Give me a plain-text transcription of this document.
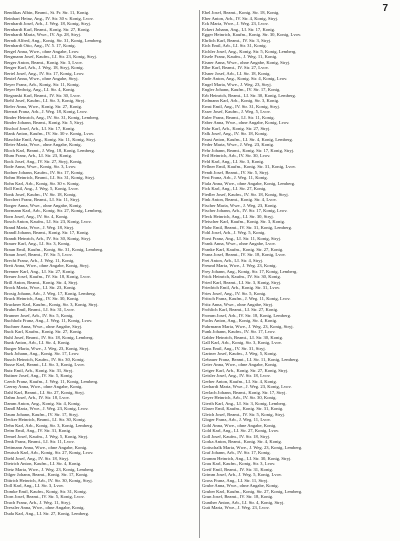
7
Bendikas Albin, Beamt., St. Fr. Str. 11, Konig.
Beinhart Heinz, Ang., IV. Str. 30 v. Konig, Lvov.
Bernhardt Josef, Arb., J. Weg. 18, Konig, Stryj.
Bernhardt Karl, Beamt., Konig. Str. 27, Konig.
Bernhardt Maria, Wwe., IV. Ap. 28, Stryj.
Berndt Alfred, Ang., Konig. Str. 31, Konig, Lemberg.
Bernhardt Otto, Ang., IV. 5. 17, Konig.
Bergel Anna, Wwe., ohne Angabe, Lvov.
Bergmann Josef, Kaufm., LI. Str. 23, Konig, Stryj.
Berger Anton, Beamt., Konig. Str. 3, Lvov.
Berger Karl, Arb., J. Weg. 18, Stryj, Konig.
Bertel Josef, Ang., IV. Str. 17, Konig, Lvov.
Beutel Anna, Wwe., ohne Angabe, Stryj.
Beyer Franz, Arb., Konig. Str. 11, Konig.
Beyer Hedwig, Ang., LI. Str. 4, Konig.
Bieganski Karl, Beamt., IV. Str. 30, Lvov.
Biehl Josef, Kaufm., LI. Str. 3, Konig, Stryj.
Bieler Anna, Wwe., Konig. Str. 27, Konig.
Biernat Franz, Arb., J. Weg. 18, Konig, Lvov.
Binder Heinrich, Ang., IV. Str. 31, Konig, Lemberg.
Binder Johann, Beamt., Konig. Str. 5, Stryj.
Bischof Josef, Arb., LI. Str. 17, Konig.
Blank Anton, Kaufm., IV. Str. 30 v. Konig, Lvov.
Blaschke Emil, Ang., Konig. Str. 11, Konig, Stryj.
Bleier Maria, Wwe., ohne Angabe, Konig.
Bloch Karl, Beamt., J. Weg. 18, Konig, Lemberg.
Blum Franz, Arb., LI. Str. 23, Konig.
Bock Josef, Ang., IV. Str. 27, Stryj, Konig.
Bode Anna, Wwe., Konig. Str. 3, Lvov.
Bodner Johann, Kaufm., IV. Str. 17, Konig.
Bohm Heinrich, Beamt., LI. Str. 31, Konig, Stryj.
Bohn Karl, Arb., Konig. Str. 30 v. Konig.
Boll Emil, Ang., J. Weg. 5, Konig, Lvov.
Bonk Josef, Kaufm., IV. Str. 18, Konig.
Borchert Franz, Beamt., LI. Str. 11, Stryj.
Borger Anna, Wwe., ohne Angabe, Konig.
Bormann Karl, Arb., Konig. Str. 27, Konig, Lemberg.
Born Josef, Ang., IV. Str. 4, Konig.
Bosch Anton, Kaufm., LI. Str. 23, Konig, Lvov.
Brand Maria, Wwe., J. Weg. 18, Stryj.
Brandl Johann, Beamt., Konig. Str. 17, Konig.
Brandt Heinrich, Arb., IV. Str. 30, Konig, Stryj.
Brauer Karl, Ang., LI. Str. 3, Konig.
Braun Emil, Kaufm., Konig. Str. 31, Konig, Lemberg.
Braun Josef, Beamt., IV. Str. 5, Lvov.
Brecht Franz, Arb., J. Weg. 11, Konig.
Breit Anna, Wwe., ohne Angabe, Konig, Stryj.
Brenner Karl, Ang., LI. Str. 27, Konig.
Breuer Josef, Kaufm., IV. Str. 18, Konig, Lvov.
Brill Anton, Beamt., Konig. Str. 4, Stryj.
Brock Maria, Wwe., LI. Str. 23, Konig.
Brosig Johann, Arb., J. Weg. 17, Konig, Lemberg.
Bruck Heinrich, Ang., IV. Str. 30, Konig.
Bruckner Karl, Kaufm., Konig. Str. 3, Konig, Stryj.
Bruhn Emil, Beamt., LI. Str. 31, Lvov.
Brunner Josef, Arb., IV. Str. 5, Konig.
Buchholz Franz, Ang., J. Weg. 11, Konig, Lvov.
Buchner Anna, Wwe., ohne Angabe, Stryj.
Buck Karl, Kaufm., Konig. Str. 27, Konig.
Buhl Josef, Beamt., IV. Str. 18, Konig, Lemberg.
Bunk Anton, Arb., LI. Str. 4, Konig.
Burger Maria, Wwe., J. Weg. 23, Konig, Stryj.
Burk Johann, Ang., Konig. Str. 17, Lvov.
Busch Heinrich, Kaufm., IV. Str. 30, Konig.
Busse Karl, Beamt., LI. Str. 3, Konig, Lvov.
Butz Emil, Arb., Konig. Str. 31, Stryj.
Buttner Josef, Ang., IV. Str. 5, Konig.
Czech Franz, Kaufm., J. Weg. 11, Konig, Lemberg.
Czerny Anna, Wwe., ohne Angabe, Konig.
Dahl Karl, Beamt., LI. Str. 27, Konig, Stryj.
Dahm Josef, Arb., IV. Str. 18, Lvov.
Damm Anton, Ang., Konig. Str. 4, Konig.
Dandl Maria, Wwe., J. Weg. 23, Konig, Lvov.
Daum Johann, Kaufm., IV. Str. 17, Stryj.
Decker Heinrich, Beamt., LI. Str. 30, Konig.
Dehn Karl, Arb., Konig. Str. 3, Konig, Lemberg.
Deim Emil, Ang., IV. Str. 31, Konig.
Demel Josef, Kaufm., J. Weg. 5, Konig, Stryj.
Denk Franz, Beamt., LI. Str. 11, Lvov.
Dettmann Anna, Wwe., ohne Angabe, Konig.
Deutsch Karl, Arb., Konig. Str. 27, Konig, Lvov.
Diehl Josef, Ang., IV. Str. 18, Stryj.
Dietrich Anton, Kaufm., LI. Str. 4, Konig.
Dietz Maria, Wwe., J. Weg. 23, Konig, Lemberg.
Dilger Johann, Beamt., Konig. Str. 17, Konig.
Dittrich Heinrich, Arb., IV. Str. 30, Konig, Stryj.
Doll Karl, Ang., LI. Str. 3, Lvov.
Domke Emil, Kaufm., Konig. Str. 31, Konig.
Dorn Josef, Beamt., IV. Str. 5, Konig, Lvov.
Drach Franz, Arb., J. Weg. 11, Stryj.
Dressler Anna, Wwe., ohne Angabe, Konig.
Duda Karl, Ang., LI. Str. 27, Konig, Lemberg.
Ebel Josef, Beamt., Konig. Str. 18, Konig.
Eber Anton, Arb., IV. Str. 4, Konig, Stryj.
Eck Maria, Wwe., J. Weg. 23, Lvov.
Eckert Johann, Ang., LI. Str. 17, Konig.
Egger Heinrich, Kaufm., Konig. Str. 30, Konig, Lvov.
Ehrlich Karl, Beamt., IV. Str. 3, Stryj.
Eich Emil, Arb., LI. Str. 31, Konig.
Eichler Josef, Ang., Konig. Str. 5, Konig, Lemberg.
Eisele Franz, Kaufm., J. Weg. 11, Konig.
Eisner Anna, Wwe., ohne Angabe, Konig, Stryj.
Elbe Karl, Beamt., IV. Str. 27, Lvov.
Elsner Josef, Arb., LI. Str. 18, Konig.
Ende Anton, Ang., Konig. Str. 4, Konig, Lvov.
Engel Maria, Wwe., J. Weg. 23, Stryj.
Engler Johann, Kaufm., IV. Str. 17, Konig.
Erb Heinrich, Beamt., LI. Str. 30, Konig, Lemberg.
Erdmann Karl, Arb., Konig. Str. 3, Konig.
Ernst Emil, Ang., IV. Str. 31, Konig, Stryj.
Esser Josef, Kaufm., J. Weg. 5, Lvov.
Euler Franz, Beamt., LI. Str. 11, Konig.
Faber Anna, Wwe., ohne Angabe, Konig, Lvov.
Fahr Karl, Arb., Konig. Str. 27, Stryj.
Falk Josef, Ang., IV. Str. 18, Konig.
Faust Anton, Kaufm., LI. Str. 4, Konig, Lemberg.
Feder Maria, Wwe., J. Weg. 23, Konig.
Fehr Johann, Beamt., Konig. Str. 17, Konig, Stryj.
Feil Heinrich, Arb., IV. Str. 30, Lvov.
Feld Karl, Ang., LI. Str. 3, Konig.
Fellner Emil, Kaufm., Konig. Str. 31, Konig, Lvov.
Fendt Josef, Beamt., IV. Str. 5, Stryj.
Fest Franz, Arb., J. Weg. 11, Konig.
Fiala Anna, Wwe., ohne Angabe, Konig, Lemberg.
Fick Karl, Ang., LI. Str. 27, Konig.
Fiedler Josef, Kaufm., IV. Str. 18, Konig, Stryj.
Fink Anton, Beamt., Konig. Str. 4, Lvov.
Fischer Maria, Wwe., J. Weg. 23, Konig.
Fischer Johann, Arb., IV. Str. 17, Konig, Lvov.
Fleck Heinrich, Ang., LI. Str. 30, Stryj.
Fleischer Karl, Kaufm., Konig. Str. 3, Konig.
Flohr Emil, Beamt., IV. Str. 31, Konig, Lemberg.
Fohl Josef, Arb., J. Weg. 5, Konig.
Forst Franz, Ang., LI. Str. 11, Konig, Stryj.
Frank Anna, Wwe., ohne Angabe, Lvov.
Franke Karl, Kaufm., Konig. Str. 27, Konig.
Franz Josef, Beamt., IV. Str. 18, Konig, Lvov.
Frei Anton, Arb., LI. Str. 4, Stryj.
Freund Maria, Wwe., J. Weg. 23, Konig.
Frey Johann, Ang., Konig. Str. 17, Konig, Lemberg.
Frick Heinrich, Kaufm., IV. Str. 30, Konig.
Fried Karl, Beamt., LI. Str. 3, Konig, Stryj.
Friedrich Emil, Arb., Konig. Str. 31, Lvov.
Fries Josef, Ang., IV. Str. 5, Konig.
Fritsch Franz, Kaufm., J. Weg. 11, Konig, Lvov.
Fritz Anna, Wwe., ohne Angabe, Stryj.
Frohlich Karl, Beamt., LI. Str. 27, Konig.
Fromm Josef, Arb., IV. Str. 18, Konig, Lemberg.
Fuchs Anton, Ang., Konig. Str. 4, Konig.
Fuhrmann Maria, Wwe., J. Weg. 23, Konig, Stryj.
Funk Johann, Kaufm., IV. Str. 17, Lvov.
Gabler Heinrich, Beamt., LI. Str. 30, Konig.
Gall Karl, Arb., Konig. Str. 3, Konig, Lvov.
Gans Emil, Ang., IV. Str. 31, Stryj.
Gartner Josef, Kaufm., J. Weg. 5, Konig.
Gebauer Franz, Beamt., LI. Str. 11, Konig, Lemberg.
Geier Anna, Wwe., ohne Angabe, Konig.
Geiger Karl, Arb., Konig. Str. 27, Konig, Stryj.
Geisler Josef, Ang., IV. Str. 18, Lvov.
Gerber Anton, Kaufm., LI. Str. 4, Konig.
Gerhardt Maria, Wwe., J. Weg. 23, Konig, Lvov.
Gerlach Johann, Beamt., Konig. Str. 17, Stryj.
Geyer Heinrich, Arb., IV. Str. 30, Konig.
Gierth Karl, Ang., LI. Str. 3, Konig, Lemberg.
Glaser Emil, Kaufm., Konig. Str. 31, Konig.
Gleich Josef, Beamt., IV. Str. 5, Konig, Stryj.
Gloger Franz, Arb., J. Weg. 11, Lvov.
Gohl Anna, Wwe., ohne Angabe, Konig.
Gold Karl, Ang., LI. Str. 27, Konig, Lvov.
Goll Josef, Kaufm., IV. Str. 18, Stryj.
Gorka Anton, Beamt., Konig. Str. 4, Konig.
Gottschalk Maria, Wwe., J. Weg. 23, Konig, Lemberg.
Graf Johann, Arb., IV. Str. 17, Konig.
Gramm Heinrich, Ang., LI. Str. 30, Konig, Stryj.
Grau Karl, Kaufm., Konig. Str. 3, Lvov.
Greif Emil, Beamt., IV. Str. 31, Konig.
Grimm Josef, Arb., J. Weg. 5, Konig, Lvov.
Gross Franz, Ang., LI. Str. 11, Stryj.
Grube Anna, Wwe., ohne Angabe, Konig.
Gruber Karl, Kaufm., Konig. Str. 27, Konig, Lemberg.
Grun Josef, Beamt., IV. Str. 18, Konig.
Gunther Anton, Arb., LI. Str. 4, Konig, Stryj.
Gutt Maria, Wwe., J. Weg. 23, Lvov.
